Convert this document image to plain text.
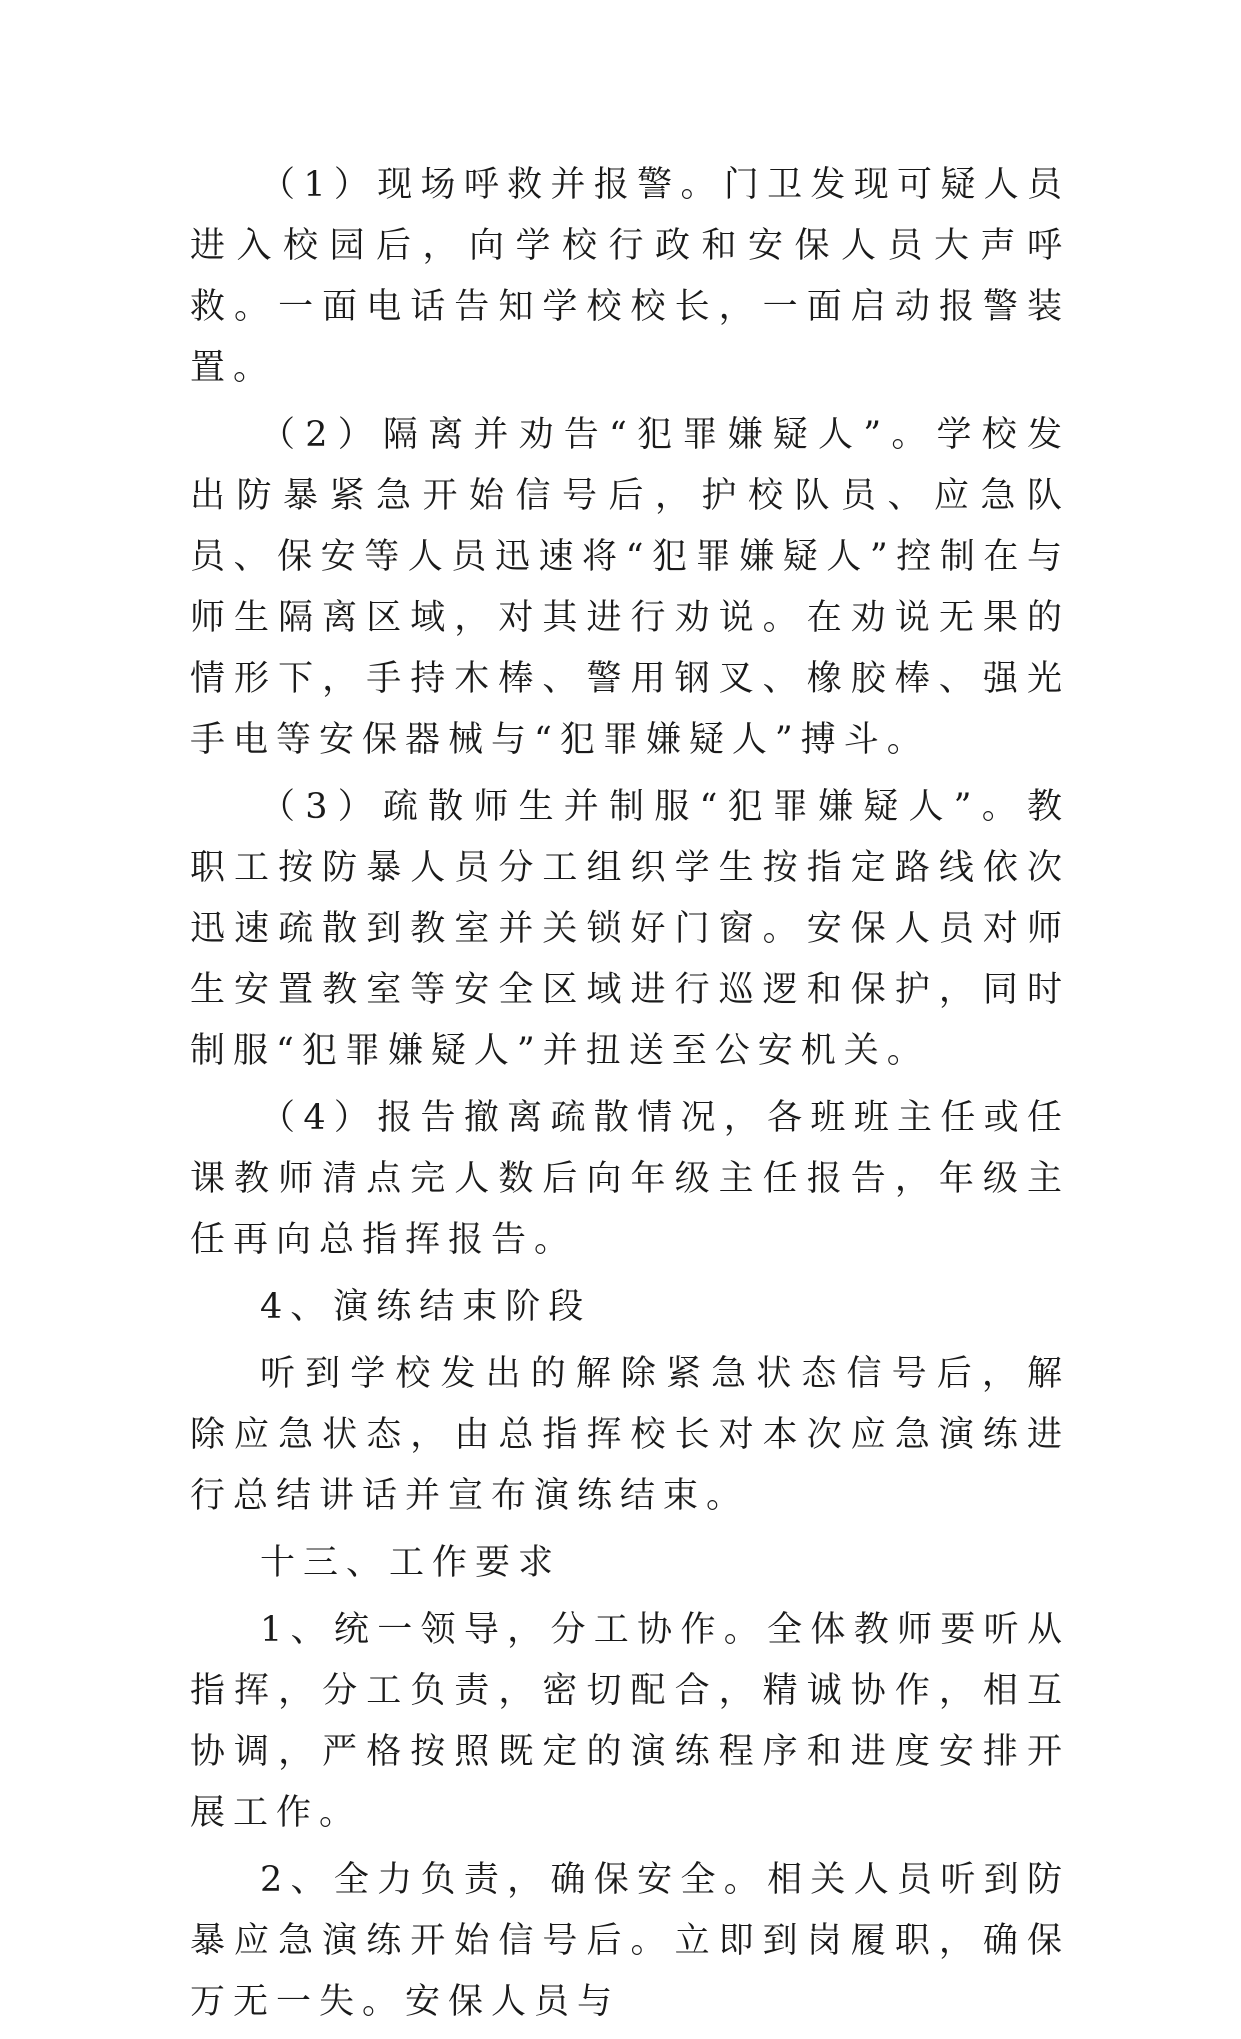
（1）现场呼救并报警。门卫发现可疑人员进入校园后，向学校行政和安保人员大声呼救。一面电话告知学校校长，一面启动报警装置。

（2）隔离并劝告“犯罪嫌疑人”。学校发出防暴紧急开始信号后，护校队员、应急队员、保安等人员迅速将“犯罪嫌疑人”控制在与师生隔离区域，对其进行劝说。在劝说无果的情形下，手持木棒、警用钢叉、橡胶棒、强光手电等安保器械与“犯罪嫌疑人”搏斗。

（3）疏散师生并制服“犯罪嫌疑人”。教职工按防暴人员分工组织学生按指定路线依次迅速疏散到教室并关锁好门窗。安保人员对师生安置教室等安全区域进行巡逻和保护，同时制服“犯罪嫌疑人”并扭送至公安机关。

（4）报告撤离疏散情况，各班班主任或任课教师清点完人数后向年级主任报告，年级主任再向总指挥报告。

4、演练结束阶段

听到学校发出的解除紧急状态信号后，解除应急状态，由总指挥校长对本次应急演练进行总结讲话并宣布演练结束。

十三、工作要求

1、统一领导，分工协作。全体教师要听从指挥，分工负责，密切配合，精诚协作，相互协调，严格按照既定的演练程序和进度安排开展工作。

2、全力负责，确保安全。相关人员听到防暴应急演练开始信号后。立即到岗履职，确保万无一失。安保人员与
